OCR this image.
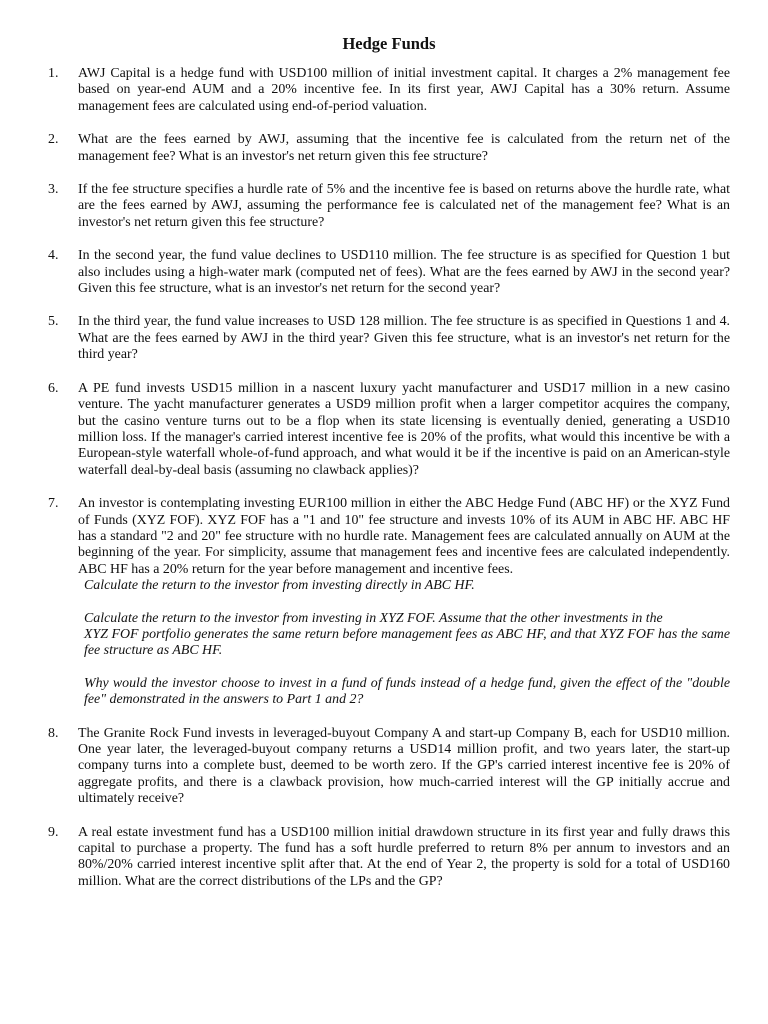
Hedge Funds
1.	AWJ Capital is a hedge fund with USD100 million of initial investment capital. It charges a 2% management fee based on year-end AUM and a 20% incentive fee. In its first year, AWJ Capital has a 30% return. Assume management fees are calculated using end-of-period valuation.
2.	What are the fees earned by AWJ, assuming that the incentive fee is calculated from the return net of the management fee? What is an investor's net return given this fee structure?
3.	If the fee structure specifies a hurdle rate of 5% and the incentive fee is based on returns above the hurdle rate, what are the fees earned by AWJ, assuming the performance fee is calculated net of the management fee? What is an investor's net return given this fee structure?
4.	In the second year, the fund value declines to USD110 million. The fee structure is as specified for Question 1 but also includes using a high-water mark (computed net of fees). What are the fees earned by AWJ in the second year? Given this fee structure, what is an investor's net return for the second year?
5.	In the third year, the fund value increases to USD 128 million. The fee structure is as specified in Questions 1 and 4. What are the fees earned by AWJ in the third year? Given this fee structure, what is an investor's net return for the third year?
6.	A PE fund invests USD15 million in a nascent luxury yacht manufacturer and USD17 million in a new casino venture. The yacht manufacturer generates a USD9 million profit when a larger competitor acquires the company, but the casino venture turns out to be a flop when its state licensing is eventually denied, generating a USD10 million loss. If the manager's carried interest incentive fee is 20% of the profits, what would this incentive be with a European-style waterfall whole-of-fund approach, and what would it be if the incentive is paid on an American-style waterfall deal-by-deal basis (assuming no clawback applies)?
7.	An investor is contemplating investing EUR100 million in either the ABC Hedge Fund (ABC HF) or the XYZ Fund of Funds (XYZ FOF). XYZ FOF has a "1 and 10" fee structure and invests 10% of its AUM in ABC HF. ABC HF has a standard "2 and 20" fee structure with no hurdle rate. Management fees are calculated annually on AUM at the beginning of the year. For simplicity, assume that management fees and incentive fees are calculated independently. ABC HF has a 20% return for the year before management and incentive fees.

Calculate the return to the investor from investing directly in ABC HF.

Calculate the return to the investor from investing in XYZ FOF. Assume that the other investments in the
XYZ FOF portfolio generates the same return before management fees as ABC HF, and that XYZ FOF has the same fee structure as ABC HF.

Why would the investor choose to invest in a fund of funds instead of a hedge fund, given the effect of the "double fee" demonstrated in the answers to Part 1 and 2?

8.	The Granite Rock Fund invests in leveraged-buyout Company A and start-up Company B, each for USD10 million. One year later, the leveraged-buyout company returns a USD14 million profit, and two years later, the start-up company turns into a complete bust, deemed to be worth zero. If the GP's carried interest incentive fee is 20% of aggregate profits, and there is a clawback provision, how much-carried interest will the GP initially accrue and ultimately receive?
9.	A real estate investment fund has a USD100 million initial drawdown structure in its first year and fully draws this capital to purchase a property. The fund has a soft hurdle preferred to return 8% per annum to investors and an 80%/20% carried interest incentive split after that. At the end of Year 2, the property is sold for a total of USD160 million. What are the correct distributions of the LPs and the GP?
